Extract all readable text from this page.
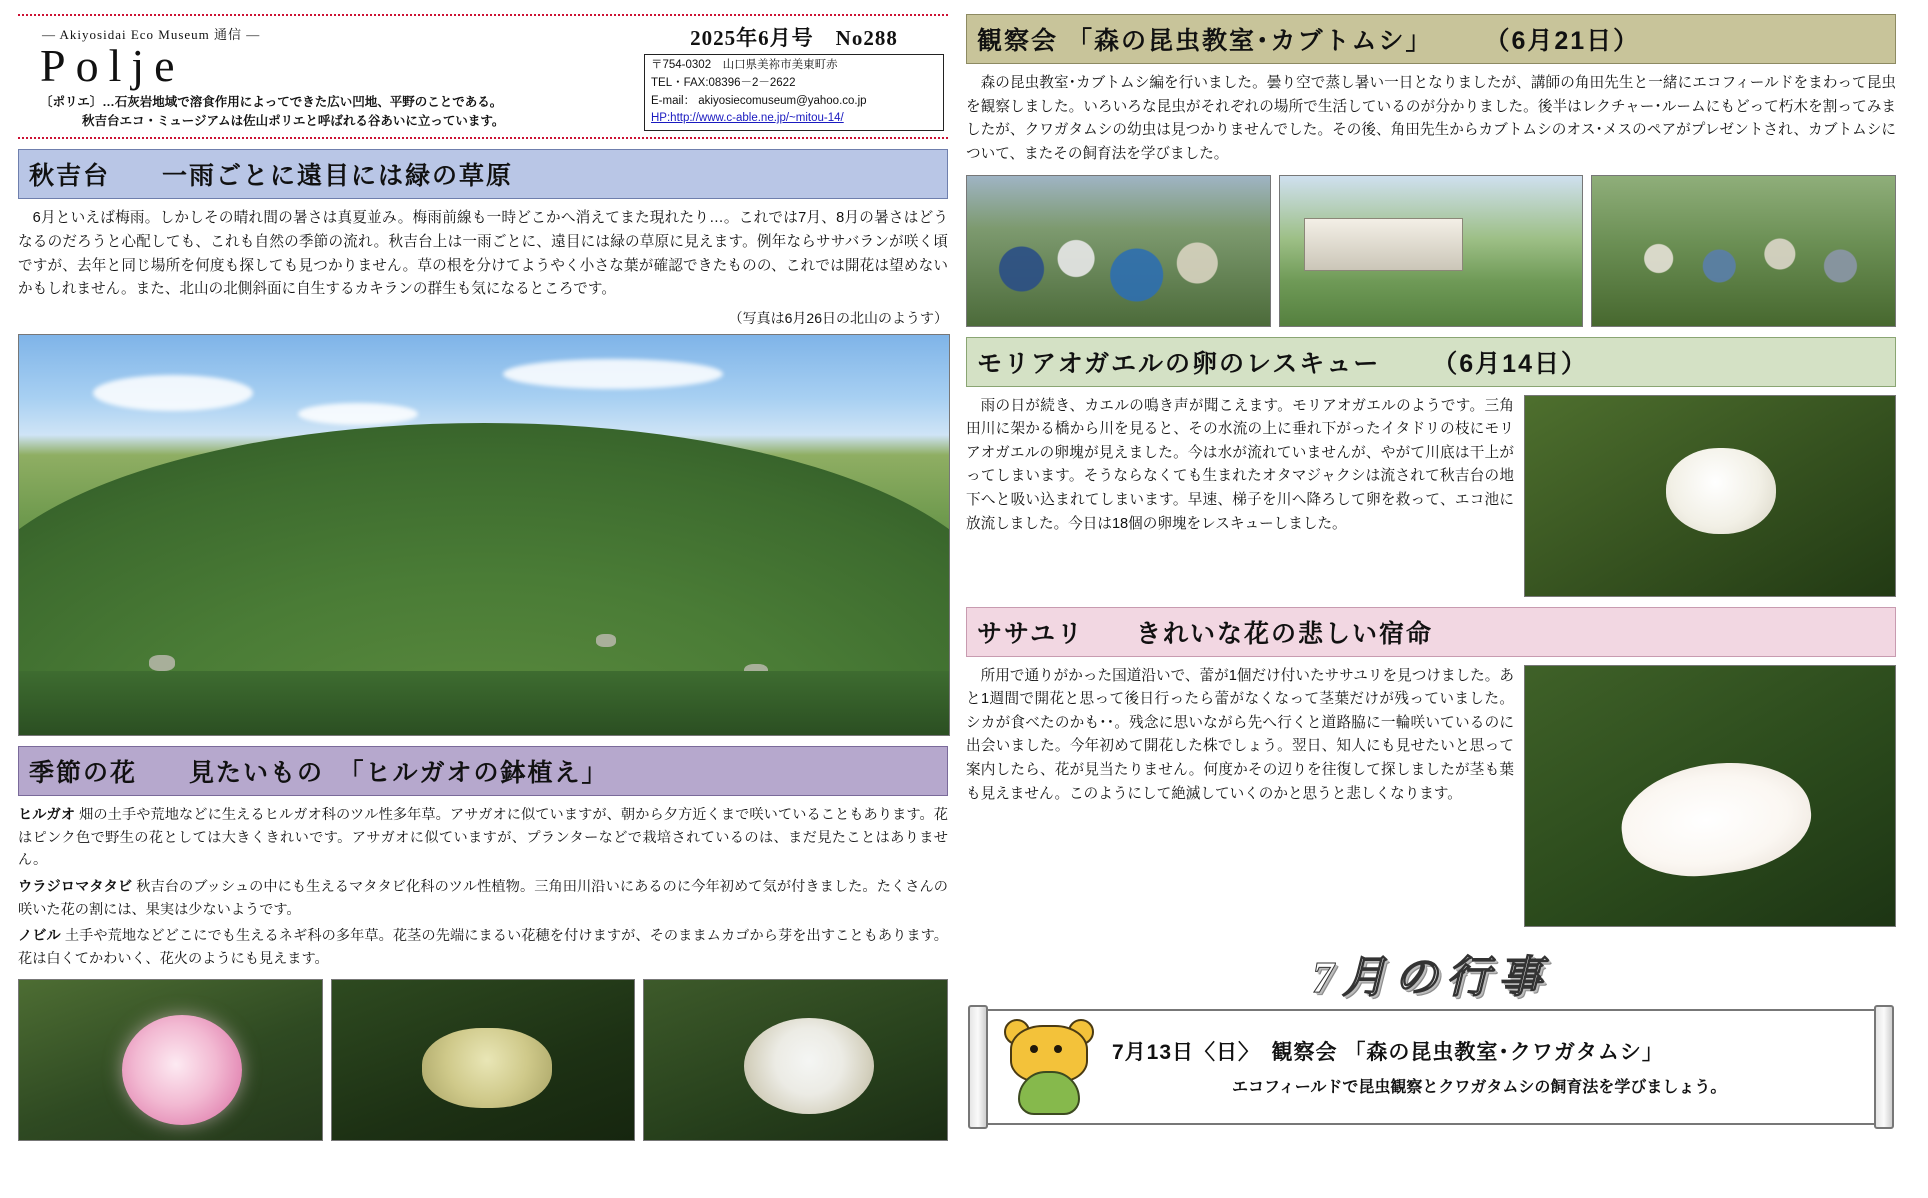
— Akiyosidai Eco Museum 通信 —
Polje
〔ポリエ〕…石灰岩地域で溶食作用によってできた広い凹地、平野のことである。
秋吉台エコ・ミュージアムは佐山ポリエと呼ばれる谷あいに立っています。
2025年6月号　No288
〒754-0302　山口県美祢市美東町赤
TEL・FAX:08396－2－2622
E-mail： akiyosiecomuseum@yahoo.co.jp
HP:http://www.c-able.ne.jp/~mitou-14/
秋吉台 一雨ごとに遠目には緑の草原

6月といえば梅雨。しかしその晴れ間の暑さは真夏並み。梅雨前線も一時どこかへ消えてまた現れたり…。これでは7月、8月の暑さはどうなるのだろうと心配しても、これも自然の季節の流れ。秋吉台上は一雨ごとに、遠目には緑の草原に見えます。例年ならササバランが咲く頃ですが、去年と同じ場所を何度も探しても見つかりません。草の根を分けてようやく小さな葉が確認できたものの、これでは開花は望めないかもしれません。また、北山の北側斜面に自生するカキランの群生も気になるところです。

（写真は6月26日の北山のようす）
季節の花 見たいもの　「ヒルガオの鉢植え」

ヒルガオ 畑の土手や荒地などに生えるヒルガオ科のツル性多年草。アサガオに似ていますが、朝から夕方近くまで咲いていることもあります。花はピンク色で野生の花としては大きくきれいです。アサガオに似ていますが、プランターなどで栽培されているのは、まだ見たことはありません。

ウラジロマタタビ 秋吉台のブッシュの中にも生えるマタタビ化科のツル性植物。三角田川沿いにあるのに今年初めて気が付きました。たくさんの咲いた花の割には、果実は少ないようです。

ノビル 土手や荒地などどこにでも生えるネギ科の多年草。花茎の先端にまるい花穂を付けますが、そのままムカゴから芽を出すこともあります。花は白くてかわいく、花火のようにも見えます。

観察会 「森の昆虫教室･カブトムシ」 （6月21日）

森の昆虫教室･カブトムシ編を行いました。曇り空で蒸し暑い一日となりましたが、講師の角田先生と一緒にエコフィールドをまわって昆虫を観察しました。いろいろな昆虫がそれぞれの場所で生活しているのが分かりました。後半はレクチャー･ルームにもどって朽木を割ってみましたが、クワガタムシの幼虫は見つかりませんでした。その後、角田先生からカブトムシのオス･メスのペアがプレゼントされ、カブトムシについて、またその飼育法を学びました。

モリアオガエルの卵のレスキュー （6月14日）

雨の日が続き、カエルの鳴き声が聞こえます。モリアオガエルのようです。三角田川に架かる橋から川を見ると、その水流の上に垂れ下がったイタドリの枝にモリアオガエルの卵塊が見えました。今は水が流れていませんが、やがて川底は干上がってしまいます。そうならなくても生まれたオタマジャクシは流されて秋吉台の地下へと吸い込まれてしまいます。早速、梯子を川へ降ろして卵を救って、エコ池に放流しました。今日は18個の卵塊をレスキューしました。

ササユリ きれいな花の悲しい宿命

所用で通りがかった国道沿いで、蕾が1個だけ付いたササユリを見つけました。あと1週間で開花と思って後日行ったら蕾がなくなって茎葉だけが残っていました。シカが食べたのかも･･。残念に思いながら先へ行くと道路脇に一輪咲いているのに出会いました。今年初めて開花した株でしょう。翌日、知人にも見せたいと思って案内したら、花が見当たりません。何度かその辺りを往復して探しましたが茎も葉も見えません。このようにして絶滅していくのかと思うと悲しくなります。

7月の行事
7月13日〈日〉　観察会 「森の昆虫教室･クワガタムシ」
エコフィールドで昆虫観察とクワガタムシの飼育法を学びましょう。
